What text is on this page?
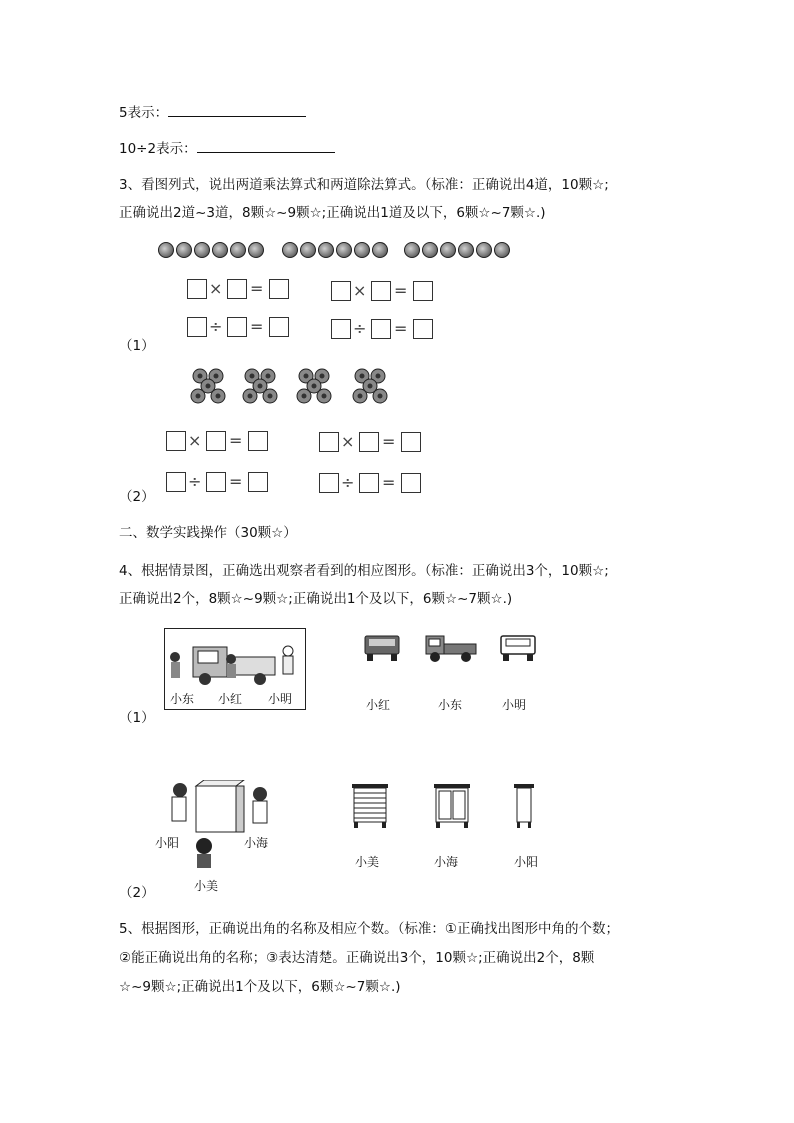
5表示：
10÷2表示：
3、看图列式，说出两道乘法算式和两道除法算式。（标准：正确说出4道，10颗☆;
正确说出2道~3道，8颗☆~9颗☆;正确说出1道及以下，6颗☆~7颗☆.)
× =	× =
÷ =	÷ =
（1）
× =	× =
÷ =	÷ =
（2）
二、数学实践操作（30颗☆）
4、根据情景图，正确选出观察者看到的相应图形。（标准：正确说出3个，10颗☆;
正确说出2个，8颗☆~9颗☆;正确说出1个及以下，6颗☆~7颗☆.)
小东 小红 小明
（1）
小红	小东	小明
小阳	小海
小美
（2）
小美	小海	小阳
5、根据图形，正确说出角的名称及相应个数。（标准：①正确找出图形中角的个数；
②能正确说出角的名称；③表达清楚。正确说出3个，10颗☆;正确说出2个，8颗
☆~9颗☆;正确说出1个及以下，6颗☆~7颗☆.)
